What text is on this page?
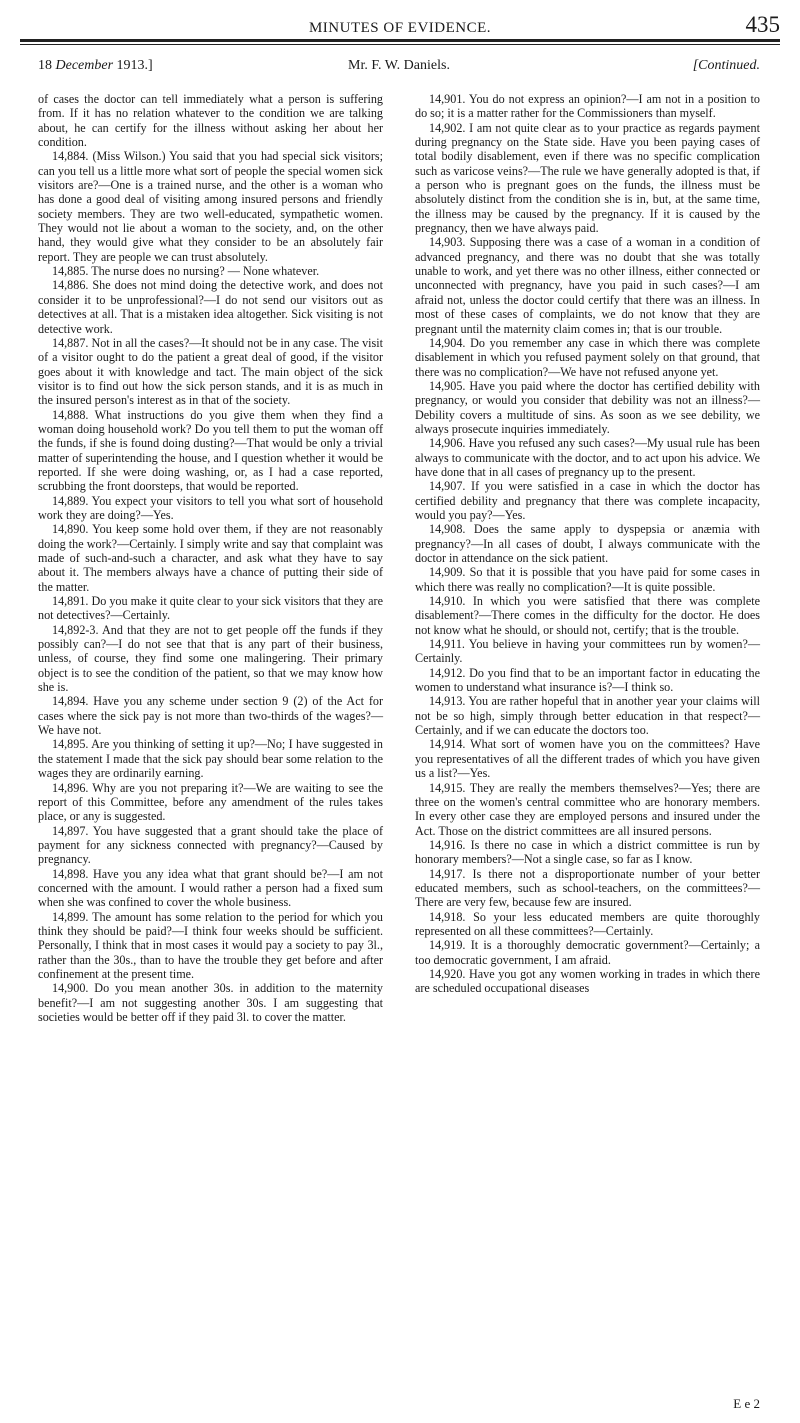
MINUTES OF EVIDENCE.	435
18 December 1913.]	Mr. F. W. Daniels.	[Continued.

of cases the doctor can tell immediately what a person is suffering from. If it has no relation whatever to the condition we are talking about, he can certify for the illness without asking her about her condition.

14,884. (Miss Wilson.) You said that you had special sick visitors; can you tell us a little more what sort of people the special women sick visitors are?—One is a trained nurse, and the other is a woman who has done a good deal of visiting among insured persons and friendly society members. They are two well-educated, sympathetic women. They would not lie about a woman to the society, and, on the other hand, they would give what they consider to be an absolutely fair report. They are people we can trust absolutely.

14,885. The nurse does no nursing? — None whatever.

14,886. She does not mind doing the detective work, and does not consider it to be unprofessional?—I do not send our visitors out as detectives at all. That is a mistaken idea altogether. Sick visiting is not detective work.

14,887. Not in all the cases?—It should not be in any case. The visit of a visitor ought to do the patient a great deal of good, if the visitor goes about it with knowledge and tact. The main object of the sick visitor is to find out how the sick person stands, and it is as much in the insured person's interest as in that of the society.

14,888. What instructions do you give them when they find a woman doing household work? Do you tell them to put the woman off the funds, if she is found doing dusting?—That would be only a trivial matter of superintending the house, and I question whether it would be reported. If she were doing washing, or, as I had a case reported, scrubbing the front doorsteps, that would be reported.

14,889. You expect your visitors to tell you what sort of household work they are doing?—Yes.

14,890. You keep some hold over them, if they are not reasonably doing the work?—Certainly. I simply write and say that complaint was made of such-and-such a character, and ask what they have to say about it. The members always have a chance of putting their side of the matter.

14,891. Do you make it quite clear to your sick visitors that they are not detectives?—Certainly.

14,892-3. And that they are not to get people off the funds if they possibly can?—I do not see that that is any part of their business, unless, of course, they find some one malingering. Their primary object is to see the condition of the patient, so that we may know how she is.

14,894. Have you any scheme under section 9 (2) of the Act for cases where the sick pay is not more than two-thirds of the wages?—We have not.

14,895. Are you thinking of setting it up?—No; I have suggested in the statement I made that the sick pay should bear some relation to the wages they are ordinarily earning.

14,896. Why are you not preparing it?—We are waiting to see the report of this Committee, before any amendment of the rules takes place, or any is suggested.

14,897. You have suggested that a grant should take the place of payment for any sickness connected with pregnancy?—Caused by pregnancy.

14,898. Have you any idea what that grant should be?—I am not concerned with the amount. I would rather a person had a fixed sum when she was confined to cover the whole business.

14,899. The amount has some relation to the period for which you think they should be paid?—I think four weeks should be sufficient. Personally, I think that in most cases it would pay a society to pay 3l., rather than the 30s., than to have the trouble they get before and after confinement at the present time.

14,900. Do you mean another 30s. in addition to the maternity benefit?—I am not suggesting another 30s. I am suggesting that societies would be better off if they paid 3l. to cover the matter.

14,901. You do not express an opinion?—I am not in a position to do so; it is a matter rather for the Commissioners than myself.

14,902. I am not quite clear as to your practice as regards payment during pregnancy on the State side. Have you been paying cases of total bodily disablement, even if there was no specific complication such as varicose veins?—The rule we have generally adopted is that, if a person who is pregnant goes on the funds, the illness must be absolutely distinct from the condition she is in, but, at the same time, the illness may be caused by the pregnancy. If it is caused by the pregnancy, then we have always paid.

14,903. Supposing there was a case of a woman in a condition of advanced pregnancy, and there was no doubt that she was totally unable to work, and yet there was no other illness, either connected or unconnected with pregnancy, have you paid in such cases?—I am afraid not, unless the doctor could certify that there was an illness. In most of these cases of complaints, we do not know that they are pregnant until the maternity claim comes in; that is our trouble.

14,904. Do you remember any case in which there was complete disablement in which you refused payment solely on that ground, that there was no complication?—We have not refused anyone yet.

14,905. Have you paid where the doctor has certified debility with pregnancy, or would you consider that debility was not an illness?—Debility covers a multitude of sins. As soon as we see debility, we always prosecute inquiries immediately.

14,906. Have you refused any such cases?—My usual rule has been always to communicate with the doctor, and to act upon his advice. We have done that in all cases of pregnancy up to the present.

14,907. If you were satisfied in a case in which the doctor has certified debility and pregnancy that there was complete incapacity, would you pay?—Yes.

14,908. Does the same apply to dyspepsia or anæmia with pregnancy?—In all cases of doubt, I always communicate with the doctor in attendance on the sick patient.

14,909. So that it is possible that you have paid for some cases in which there was really no complication?—It is quite possible.

14,910. In which you were satisfied that there was complete disablement?—There comes in the difficulty for the doctor. He does not know what he should, or should not, certify; that is the trouble.

14,911. You believe in having your committees run by women?—Certainly.

14,912. Do you find that to be an important factor in educating the women to understand what insurance is?—I think so.

14,913. You are rather hopeful that in another year your claims will not be so high, simply through better education in that respect?—Certainly, and if we can educate the doctors too.

14,914. What sort of women have you on the committees? Have you representatives of all the different trades of which you have given us a list?—Yes.

14,915. They are really the members themselves?—Yes; there are three on the women's central committee who are honorary members. In every other case they are employed persons and insured under the Act. Those on the district committees are all insured persons.

14,916. Is there no case in which a district committee is run by honorary members?—Not a single case, so far as I know.

14,917. Is there not a disproportionate number of your better educated members, such as school-teachers, on the committees?—There are very few, because few are insured.

14,918. So your less educated members are quite thoroughly represented on all these committees?—Certainly.

14,919. It is a thoroughly democratic government?—Certainly; a too democratic government, I am afraid.

14,920. Have you got any women working in trades in which there are scheduled occupational diseases

E e 2
